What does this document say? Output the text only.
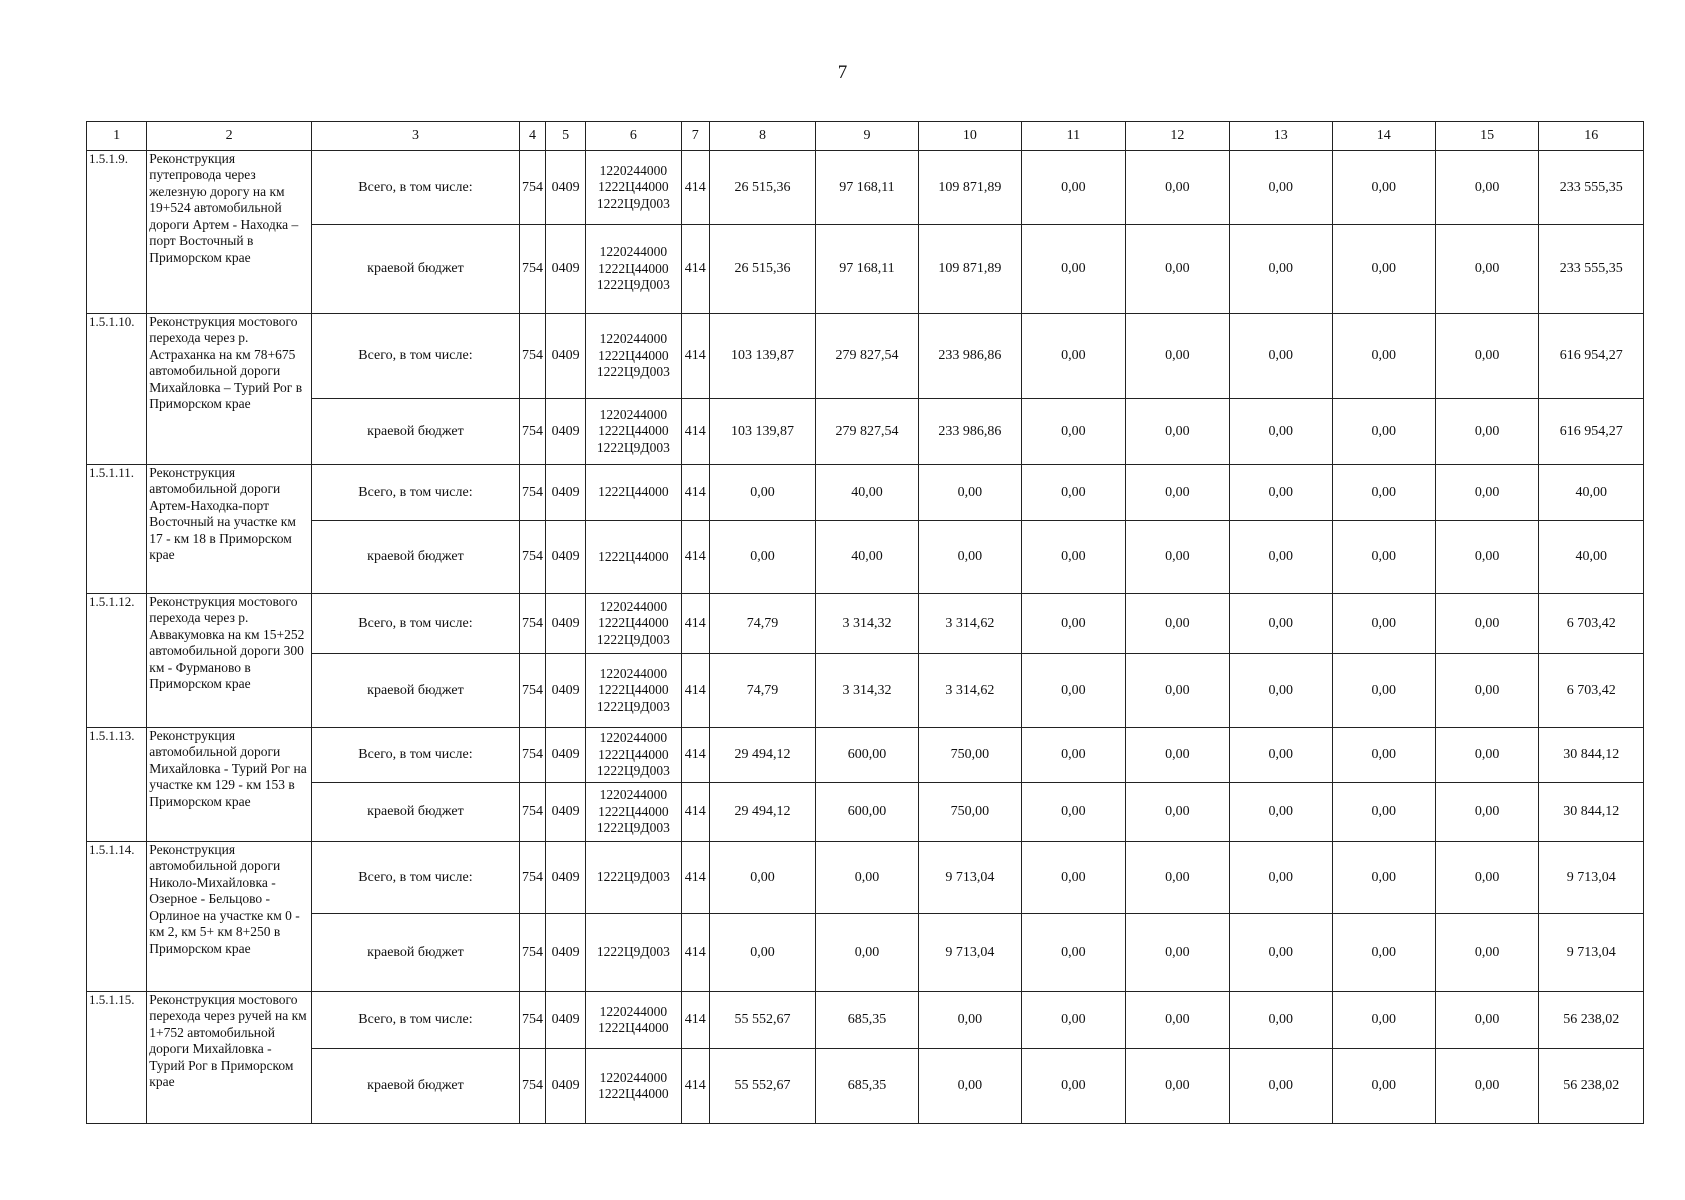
7
1	2	3	4	5	6	7	8	9	10	11	12	13	14	15	16
1.5.1.9.	Реконструкция путепровода через железную дорогу на км 19+524 автомобильной дороги Артем - Находка – порт Восточный в Приморском крае	Всего, в том числе:	754	0409	1220244000
1222Ц44000
1222Ц9Д003	414	26 515,36	97 168,11	109 871,89	0,00	0,00	0,00	0,00	0,00	233 555,35
		краевой бюджет	754	0409	1220244000
1222Ц44000
1222Ц9Д003	414	26 515,36	97 168,11	109 871,89	0,00	0,00	0,00	0,00	0,00	233 555,35
1.5.1.10.	Реконструкция мостового перехода через р. Астраханка на км 78+675 автомобильной дороги Михайловка – Турий Рог в Приморском крае	Всего, в том числе:	754	0409	1220244000
1222Ц44000
1222Ц9Д003	414	103 139,87	279 827,54	233 986,86	0,00	0,00	0,00	0,00	0,00	616 954,27
		краевой бюджет	754	0409	1220244000
1222Ц44000
1222Ц9Д003	414	103 139,87	279 827,54	233 986,86	0,00	0,00	0,00	0,00	0,00	616 954,27
1.5.1.11.	Реконструкция автомобильной дороги Артем-Находка-порт Восточный на участке км 17 - км 18 в Приморском крае	Всего, в том числе:	754	0409	1222Ц44000	414	0,00	40,00	0,00	0,00	0,00	0,00	0,00	0,00	40,00
		краевой бюджет	754	0409	1222Ц44000	414	0,00	40,00	0,00	0,00	0,00	0,00	0,00	0,00	40,00
1.5.1.12.	Реконструкция мостового перехода через р. Аввакумовка на км 15+252 автомобильной дороги 300 км - Фурманово в Приморском крае	Всего, в том числе:	754	0409	1220244000
1222Ц44000
1222Ц9Д003	414	74,79	3 314,32	3 314,62	0,00	0,00	0,00	0,00	0,00	6 703,42
		краевой бюджет	754	0409	1220244000
1222Ц44000
1222Ц9Д003	414	74,79	3 314,32	3 314,62	0,00	0,00	0,00	0,00	0,00	6 703,42
1.5.1.13.	Реконструкция автомобильной дороги Михайловка - Турий Рог на участке км 129 - км 153 в Приморском крае	Всего, в том числе:	754	0409	1220244000
1222Ц44000
1222Ц9Д003	414	29 494,12	600,00	750,00	0,00	0,00	0,00	0,00	0,00	30 844,12
		краевой бюджет	754	0409	1220244000
1222Ц44000
1222Ц9Д003	414	29 494,12	600,00	750,00	0,00	0,00	0,00	0,00	0,00	30 844,12
1.5.1.14.	Реконструкция автомобильной дороги Николо-Михайловка - Озерное - Бельцово - Орлиное на участке км 0 - км 2, км 5+ км 8+250 в Приморском крае	Всего, в том числе:	754	0409	1222Ц9Д003	414	0,00	0,00	9 713,04	0,00	0,00	0,00	0,00	0,00	9 713,04
		краевой бюджет	754	0409	1222Ц9Д003	414	0,00	0,00	9 713,04	0,00	0,00	0,00	0,00	0,00	9 713,04
1.5.1.15.	Реконструкция мостового перехода через ручей на км 1+752 автомобильной дороги Михайловка - Турий Рог в Приморском крае	Всего, в том числе:	754	0409	1220244000
1222Ц44000	414	55 552,67	685,35	0,00	0,00	0,00	0,00	0,00	0,00	56 238,02
		краевой бюджет	754	0409	1220244000
1222Ц44000	414	55 552,67	685,35	0,00	0,00	0,00	0,00	0,00	0,00	56 238,02
